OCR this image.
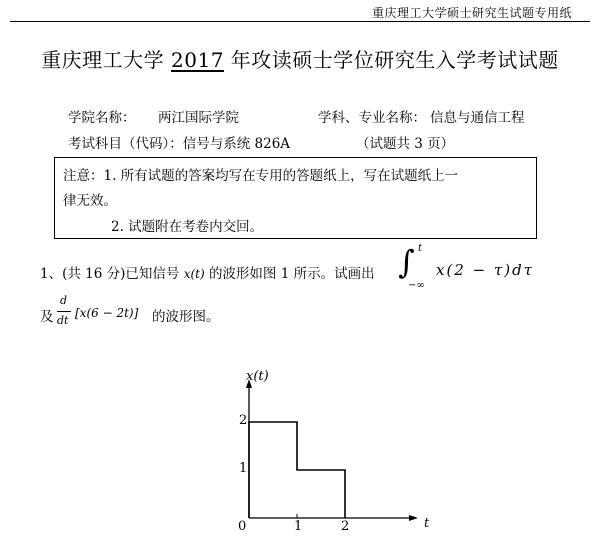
重庆理工大学硕士研究生试题专用纸
重庆理工大学 2017 年攻读硕士学位研究生入学考试试题
学院名称： 两江国际学院	学科、专业名称： 信息与通信工程
考试科目（代码）：信号与系统 826A	（试题共 3 页）
注意：1. 所有试题的答案均写在专用的答题纸上，写在试题纸上一
律无效。
2. 试题附在考卷内交回。
1、(共 16 分)已知信号 x(t) 的波形如图 1 所示。试画出 ∫ t
−∞
x(2 − τ)dτ
及
d
dt
[x(6 − 2t)] 的波形图。
x(t)
t
2
1
0	1	2
